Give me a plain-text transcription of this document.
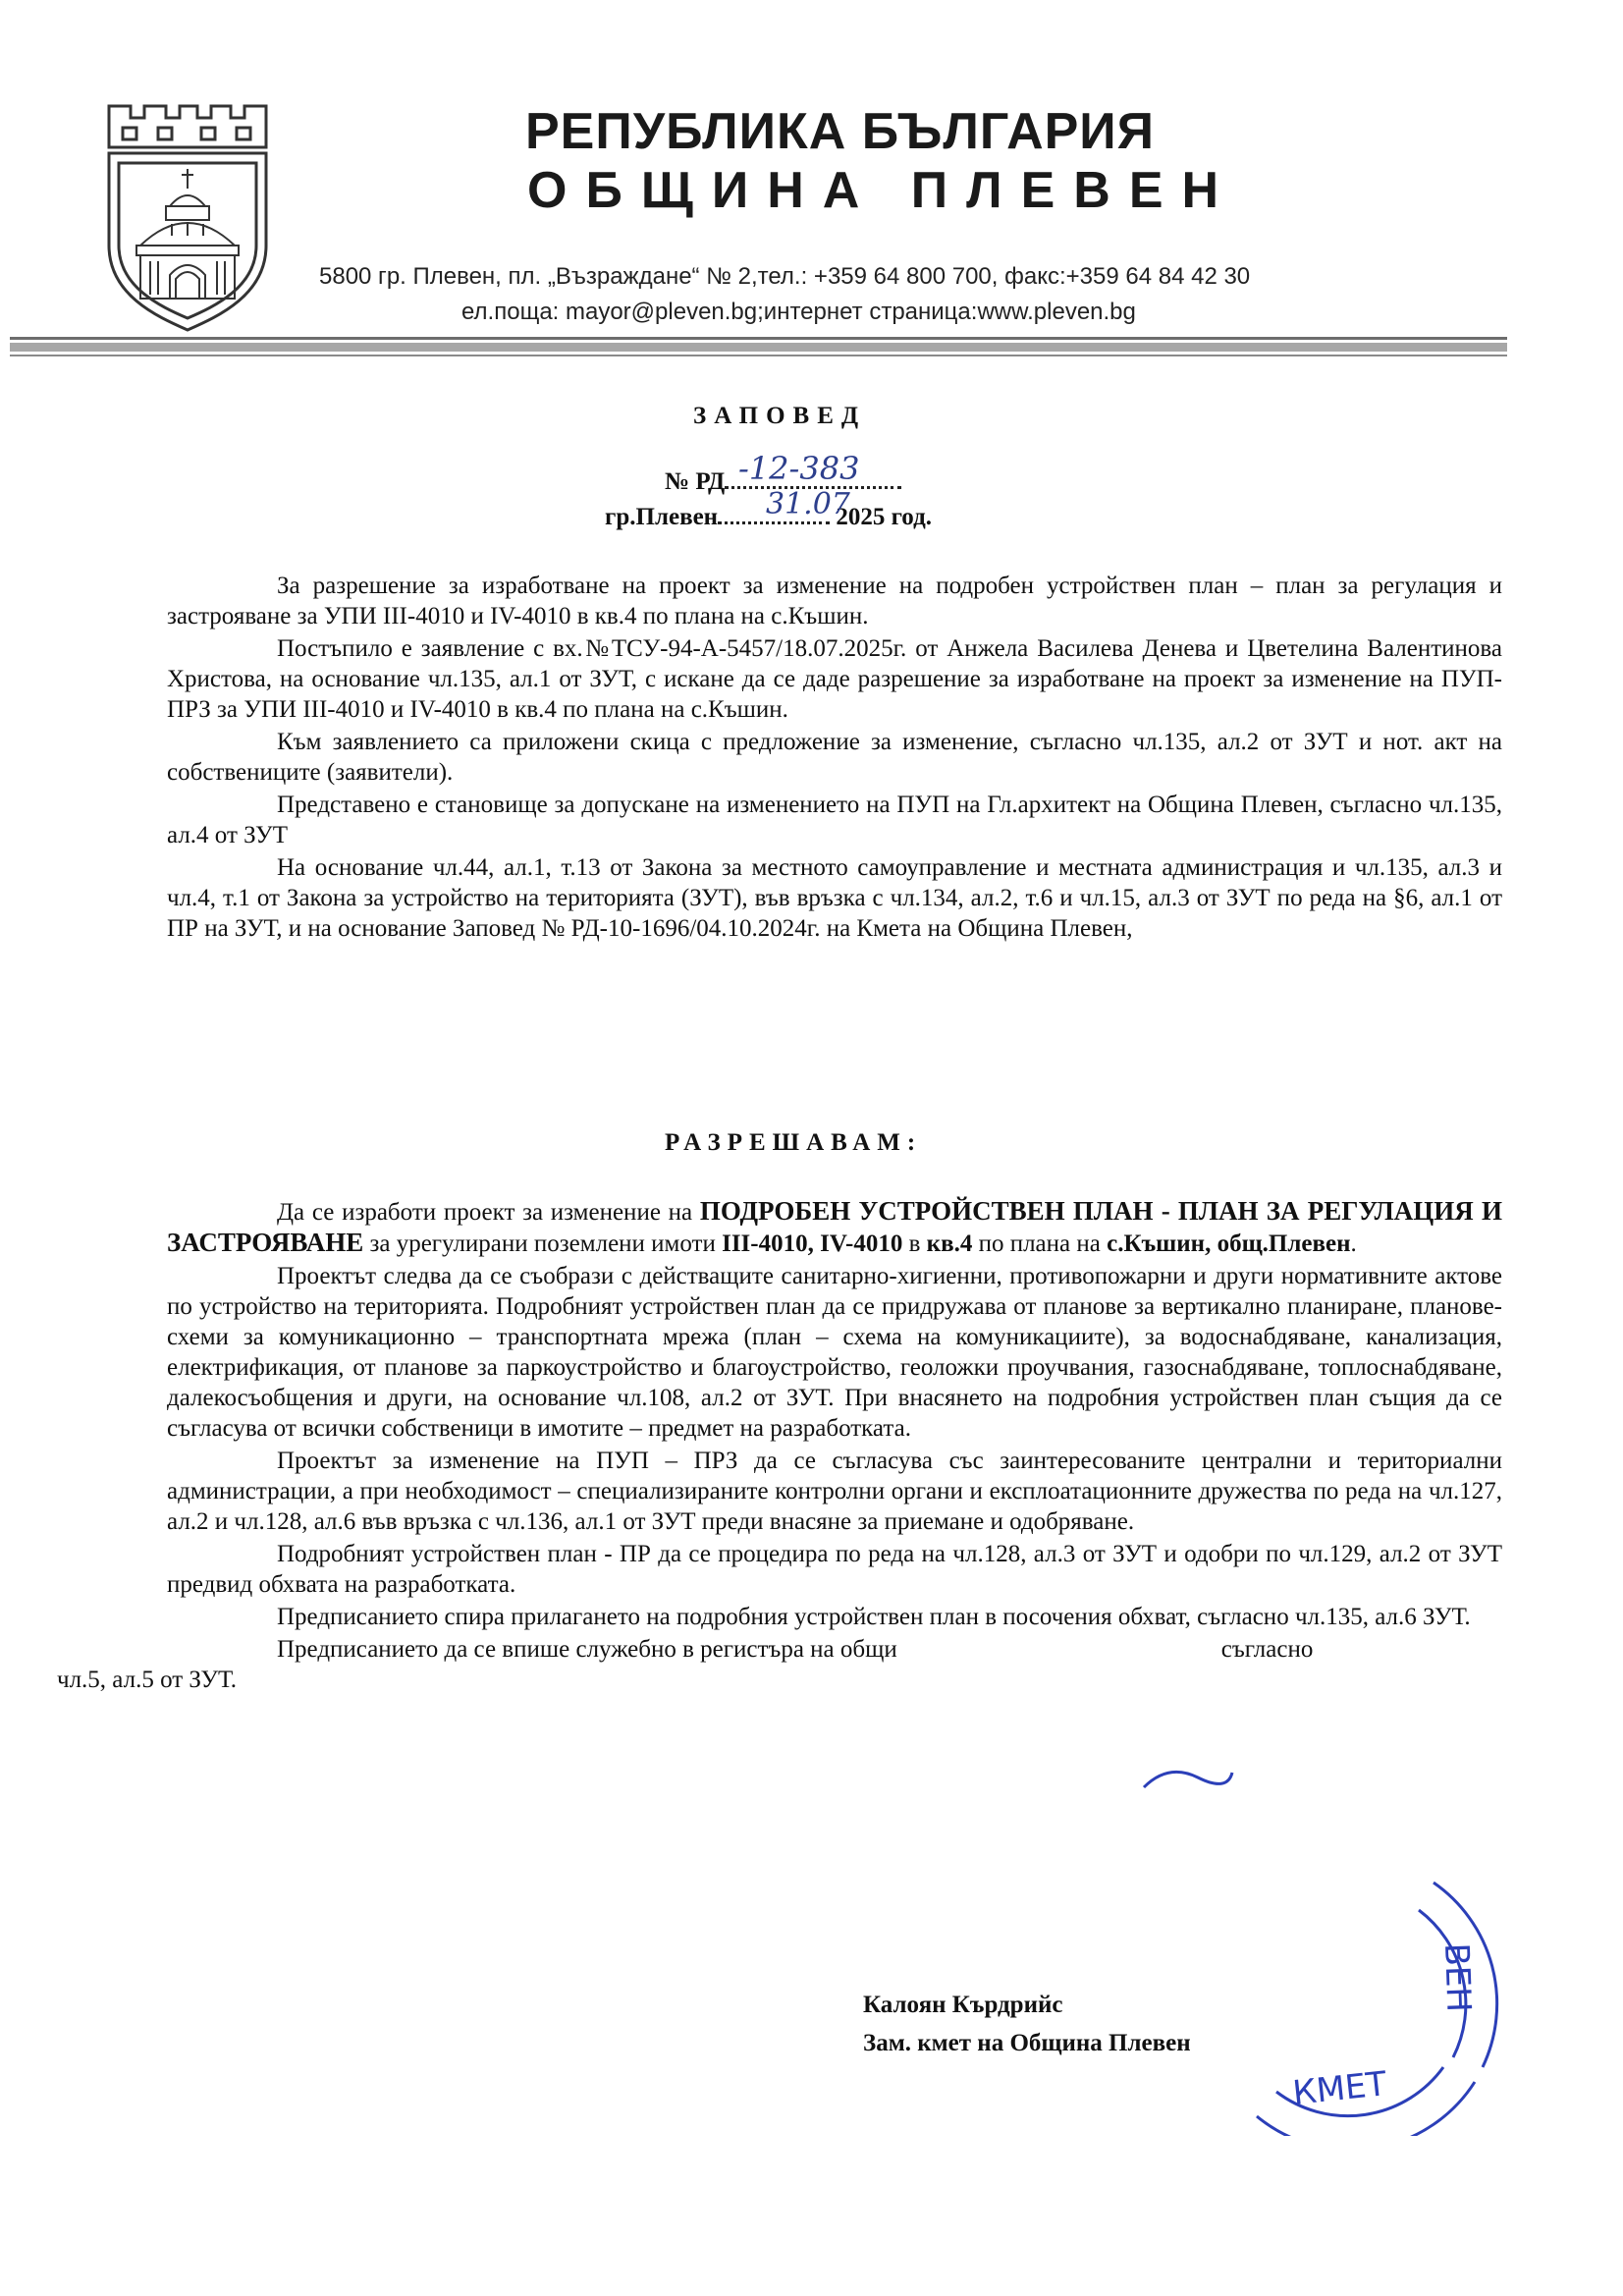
РЕПУБЛИКА БЪЛГАРИЯ
ОБЩИНА ПЛЕВЕН
5800 гр. Плевен, пл. „Възраждане“ № 2,тел.: +359 64 800 700, факс:+359 64 84 42 30
ел.поща: mayor@pleven.bg;интернет страница:www.pleven.bg
ЗАПОВЕД
№ РД -12-383
гр.Плевен	2025 год.
31.07

За разрешение за изработване на проект за изменение на подробен устройствен план – план за регулация и застрояване за УПИ III-4010 и IV-4010 в кв.4 по плана на с.Къшин.

Постъпило е заявление с вх.№ТСУ-94-А-5457/18.07.2025г. от Анжела Василева Денева и Цветелина Валентинова Христова, на основание чл.135, ал.1 от ЗУТ, с искане да се даде разрешение за изработване на проект за изменение на ПУП-ПРЗ за УПИ III-4010 и IV-4010 в кв.4 по плана на с.Къшин.

Към заявлението са приложени скица с предложение за изменение, съгласно чл.135, ал.2 от ЗУТ и нот. акт на собствениците (заявители).

Представено е становище за допускане на изменението на ПУП на Гл.архитект на Община Плевен, съгласно чл.135, ал.4 от ЗУТ

На основание чл.44, ал.1, т.13 от Закона за местното самоуправление и местната администрация и чл.135, ал.3 и чл.4, т.1 от Закона за устройство на територията (ЗУТ), във връзка с чл.134, ал.2, т.6 и чл.15, ал.3 от ЗУТ по реда на §6, ал.1 от ПР на ЗУТ, и на основание Заповед № РД-10-1696/04.10.2024г. на Кмета на Община Плевен,

РАЗРЕШАВАМ:

Да се изработи проект за изменение на ПОДРОБЕН УСТРОЙСТВЕН ПЛАН - ПЛАН ЗА РЕГУЛАЦИЯ И ЗАСТРОЯВАНЕ за урегулирани поземлени имоти III-4010, IV-4010 в кв.4 по плана на с.Къшин, общ.Плевен.

Проектът следва да се съобрази с действащите санитарно-хигиенни, противопожарни и други нормативните актове по устройство на територията. Подробният устройствен план да се придружава от планове за вертикално планиране, планове-схеми за комуникационно – транспортната мрежа (план – схема на комуникациите), за водоснабдяване, канализация, електрификация, от планове за паркоустройство и благоустройство, геоложки проучвания, газоснабдяване, топлоснабдяване, далекосъобщения и други, на основание чл.108, ал.2 от ЗУТ. При внасянето на подробния устройствен план същия да се съгласува от всички собственици в имотите – предмет на разработката.

Проектът за изменение на ПУП – ПРЗ да се съгласува със заинтересованите централни и териториални администрации, а при необходимост – специализираните контролни органи и експлоатационните дружества по реда на чл.127, ал.2 и чл.128, ал.6 във връзка с чл.136, ал.1 от ЗУТ преди внасяне за приемане и одобряване.

Подробният устройствен план - ПР да се процедира по реда на чл.128, ал.3 от ЗУТ и одобри по чл.129, ал.2 от ЗУТ предвид обхвата на разработката.

Предписанието спира прилагането на подробния устройствен план в посочения обхват, съгласно чл.135, ал.6 ЗУТ.

Предписанието да се впише служебно в регистъра на общи	съгласно
чл.5, ал.5 от ЗУТ.

ВЕН
КМЕТ
Калоян Кърдрийс
Зам. кмет на Община Плевен
